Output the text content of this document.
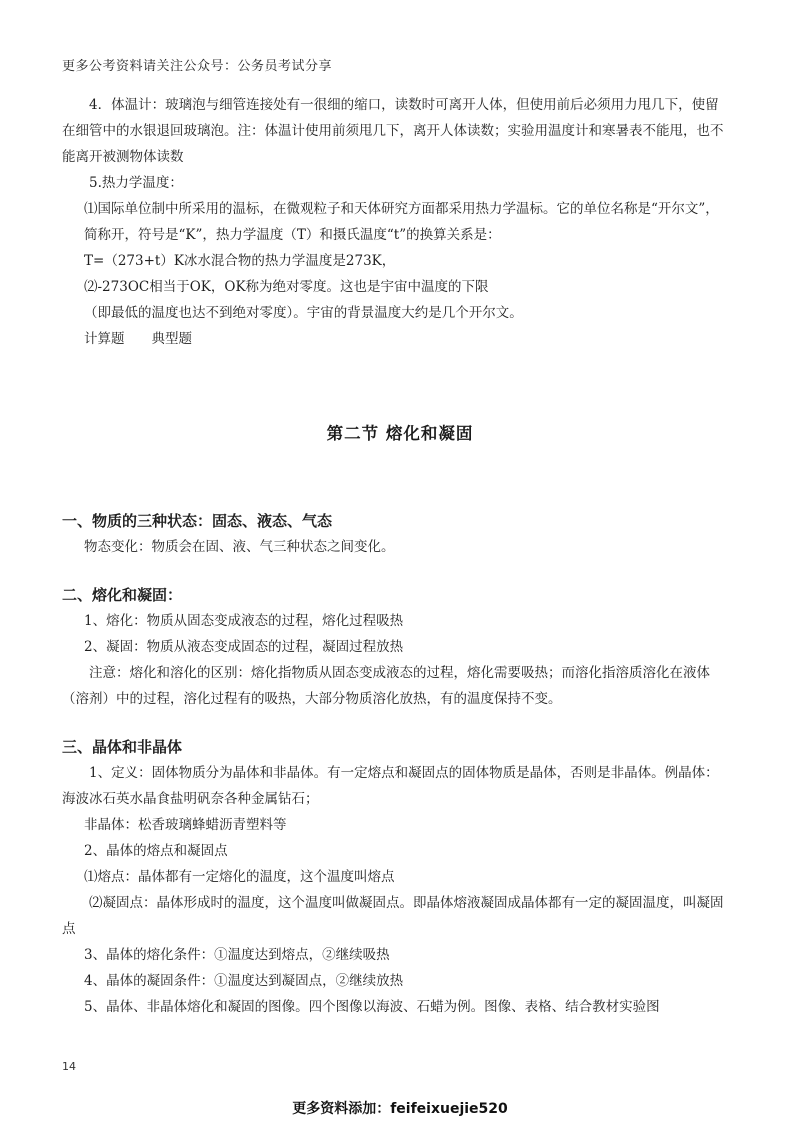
更多公考资料请关注公众号：公务员考试分享

4．体温计：玻璃泡与细管连接处有一很细的缩口，读数时可离开人体，但使用前后必须用力甩几下，使留在细管中的水银退回玻璃泡。注：体温计使用前须甩几下，离开人体读数；实验用温度计和寒暑表不能甩，也不能离开被测物体读数

5.热力学温度：

⑴国际单位制中所采用的温标，在微观粒子和天体研究方面都采用热力学温标。它的单位名称是“开尔文”，简称开，符号是“K”，热力学温度（T）和摄氏温度“t”的换算关系是：

T=（273+t）K冰水混合物的热力学温度是273K，

⑵-273OC相当于OK，OK称为绝对零度。这也是宇宙中温度的下限

（即最低的温度也达不到绝对零度）。宇宙的背景温度大约是几个开尔文。

计算题　　典型题

第二节 熔化和凝固

一、物质的三种状态：固态、液态、气态

物态变化：物质会在固、液、气三种状态之间变化。

二、熔化和凝固：

1、熔化：物质从固态变成液态的过程，熔化过程吸热

2、凝固：物质从液态变成固态的过程，凝固过程放热

注意：熔化和溶化的区别：熔化指物质从固态变成液态的过程，熔化需要吸热；而溶化指溶质溶化在液体（溶剂）中的过程，溶化过程有的吸热，大部分物质溶化放热，有的温度保持不变。

三、晶体和非晶体

1、定义：固体物质分为晶体和非晶体。有一定熔点和凝固点的固体物质是晶体，否则是非晶体。例晶体：海波冰石英水晶食盐明矾奈各种金属钻石；

非晶体：松香玻璃蜂蜡沥青塑料等

2、晶体的熔点和凝固点

⑴熔点：晶体都有一定熔化的温度，这个温度叫熔点

⑵凝固点：晶体形成时的温度，这个温度叫做凝固点。即晶体熔液凝固成晶体都有一定的凝固温度，叫凝固点

3、晶体的熔化条件：①温度达到熔点，②继续吸热

4、晶体的凝固条件：①温度达到凝固点，②继续放热

5、晶体、非晶体熔化和凝固的图像。四个图像以海波、石蜡为例。图像、表格、结合教材实验图

14
更多资料添加：feifeixuejie520
